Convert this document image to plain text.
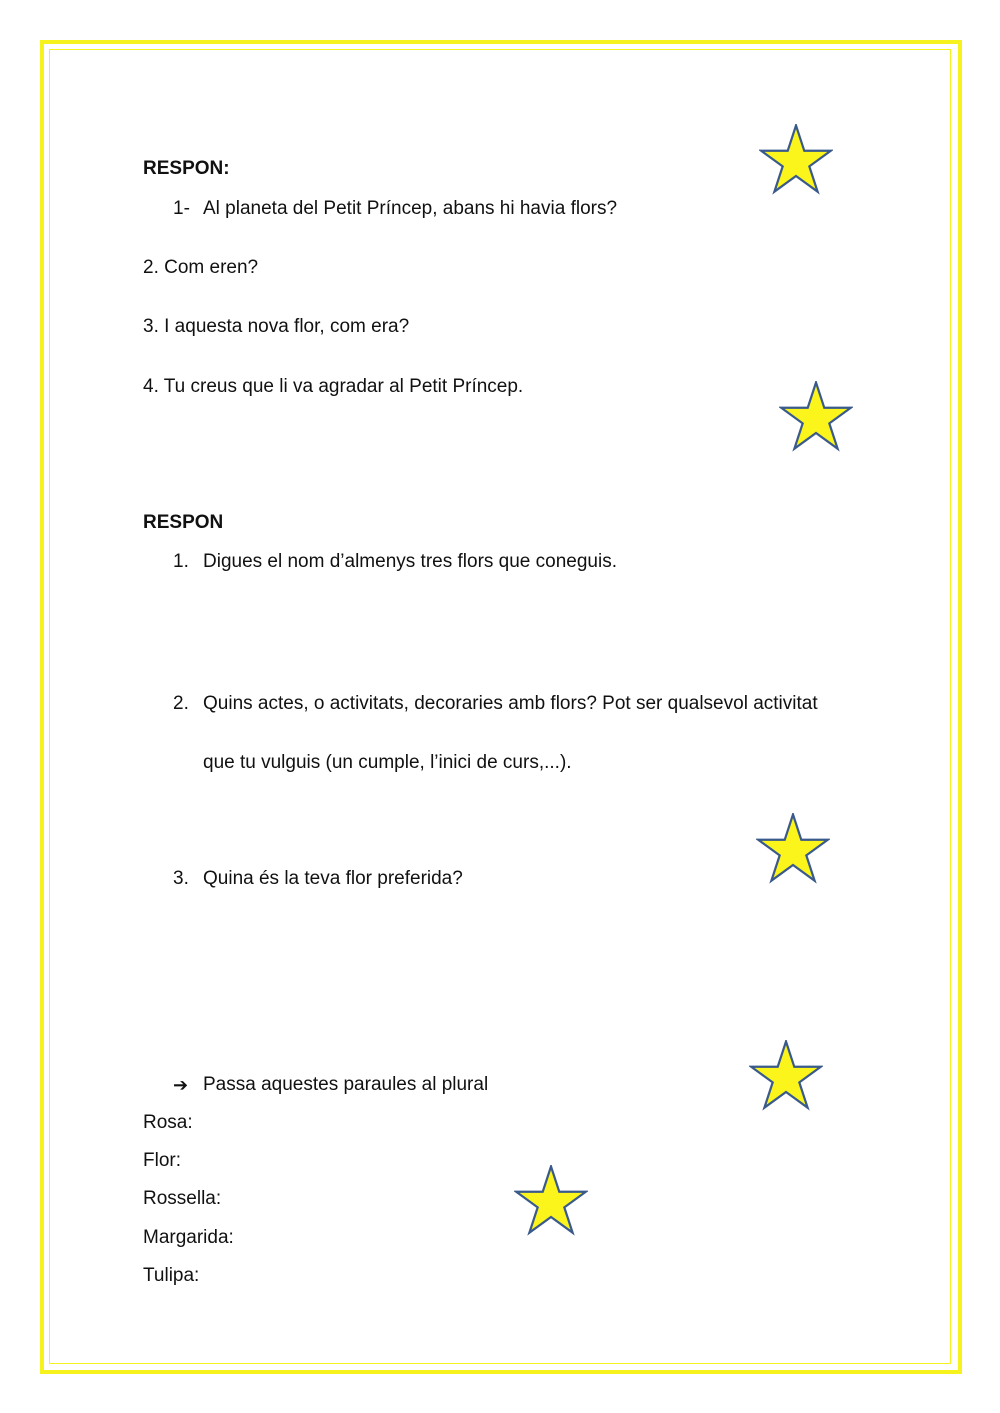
RESPON:
1- Al planeta del Petit Príncep, abans hi havia flors?
2. Com eren?
3. I aquesta nova flor, com era?
4. Tu creus que li va agradar al Petit Príncep.
RESPON
1. Digues el nom d’almenys tres flors que coneguis.
2. Quins actes, o activitats, decoraries amb flors? Pot ser qualsevol activitat
que tu vulguis (un cumple, l’inici de curs,...).
3. Quina és la teva flor preferida?
➔ Passa aquestes paraules al plural
Rosa:
Flor:
Rossella:
Margarida:
Tulipa:
